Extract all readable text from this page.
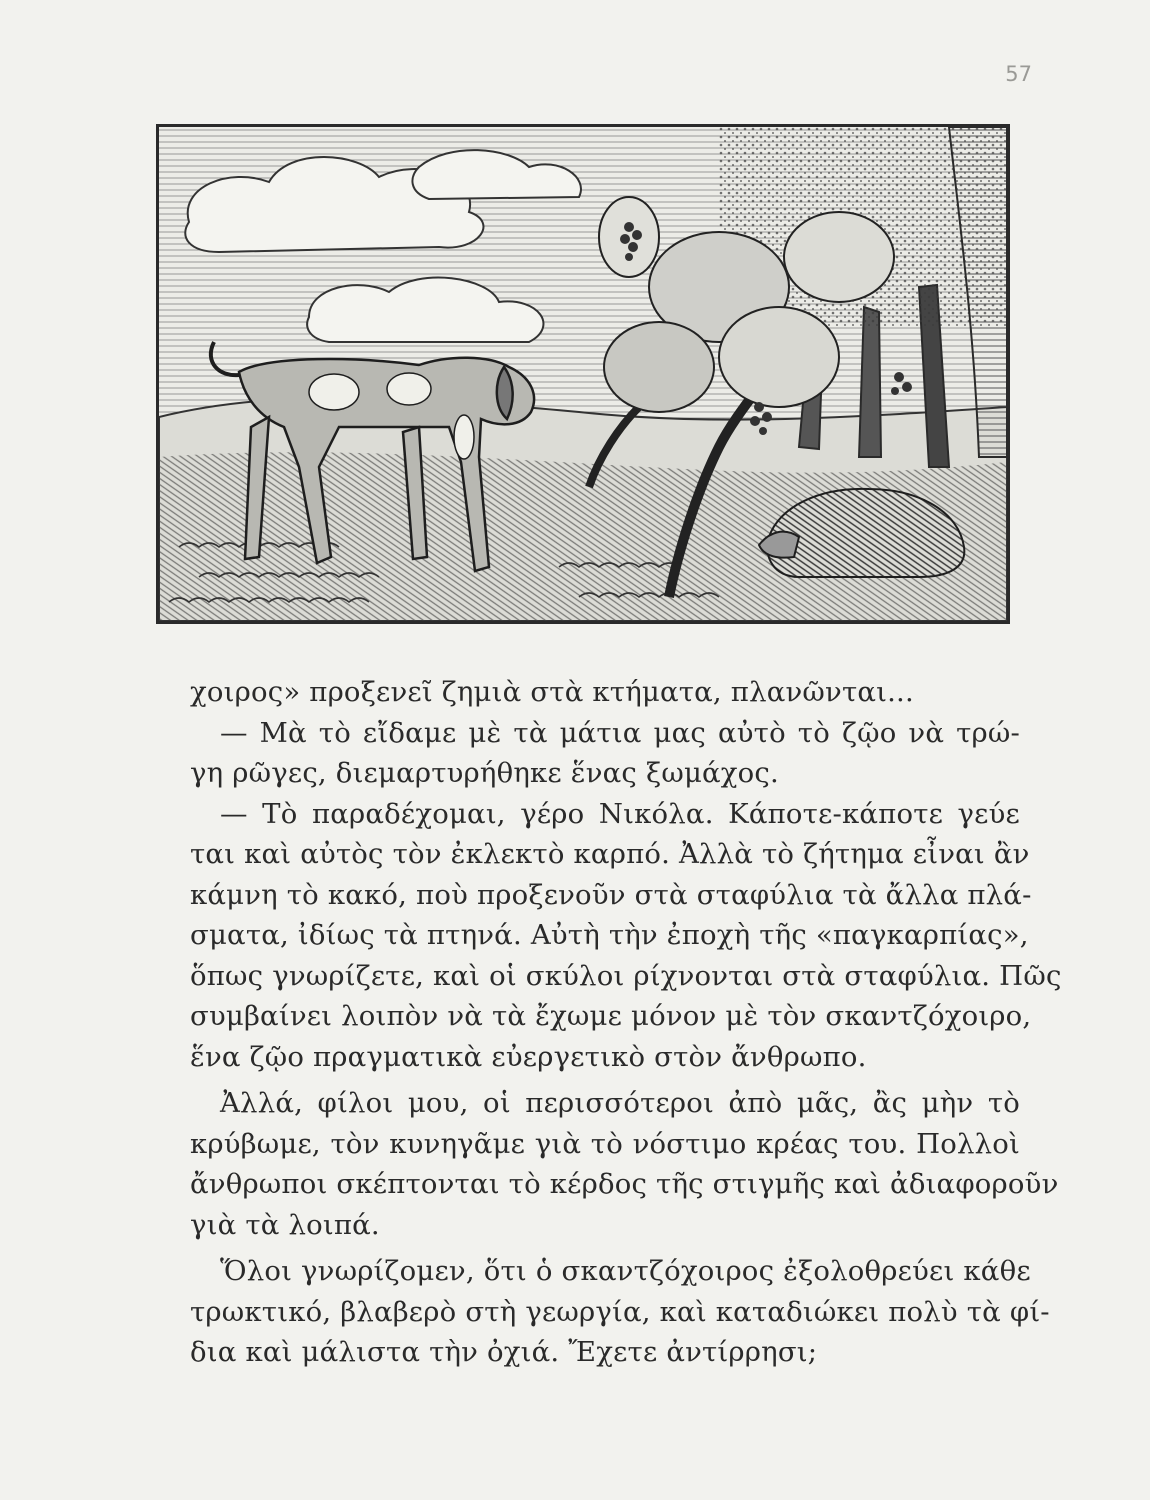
57
χοιρος» προξενεῖ ζημιὰ στὰ κτήματα, πλανῶνται...
— Μὰ τὸ εἴδαμε μὲ τὰ μάτια μας αὐτὸ τὸ ζῷο νὰ τρώ-
γη ρῶγες, διεμαρτυρήθηκε ἕνας ξωμάχος.
— Τὸ παραδέχομαι, γέρο Νικόλα. Κάποτε-κάποτε γεύε
ται καὶ αὐτὸς τὸν ἐκλεκτὸ καρπό. Ἀλλὰ τὸ ζήτημα εἶναι ἂν
κάμνη τὸ κακό, ποὺ προξενοῦν στὰ σταφύλια τὰ ἄλλα πλά-
σματα, ἰδίως τὰ πτηνά. Αὐτὴ τὴν ἐποχὴ τῆς «παγκαρπίας»,
ὅπως γνωρίζετε, καὶ οἱ σκύλοι ρίχνονται στὰ σταφύλια. Πῶς
συμβαίνει λοιπὸν νὰ τὰ ἔχωμε μόνον μὲ τὸν σκαντζόχοιρο,
ἕνα ζῷο πραγματικὰ εὐεργετικὸ στὸν ἄνθρωπο.
Ἀλλά, φίλοι μου, οἱ περισσότεροι ἀπὸ μᾶς, ἂς μὴν τὸ
κρύβωμε, τὸν κυνηγᾶμε γιὰ τὸ νόστιμο κρέας του. Πολλοὶ
ἄνθρωποι σκέπτονται τὸ κέρδος τῆς στιγμῆς καὶ ἀδιαφοροῦν
γιὰ τὰ λοιπά.
Ὅλοι γνωρίζομεν, ὅτι ὁ σκαντζόχοιρος ἐξολοθρεύει κάθε
τρωκτικό, βλαβερὸ στὴ γεωργία, καὶ καταδιώκει πολὺ τὰ φί-
δια καὶ μάλιστα τὴν ὀχιά. Ἔχετε ἀντίρρησι;
